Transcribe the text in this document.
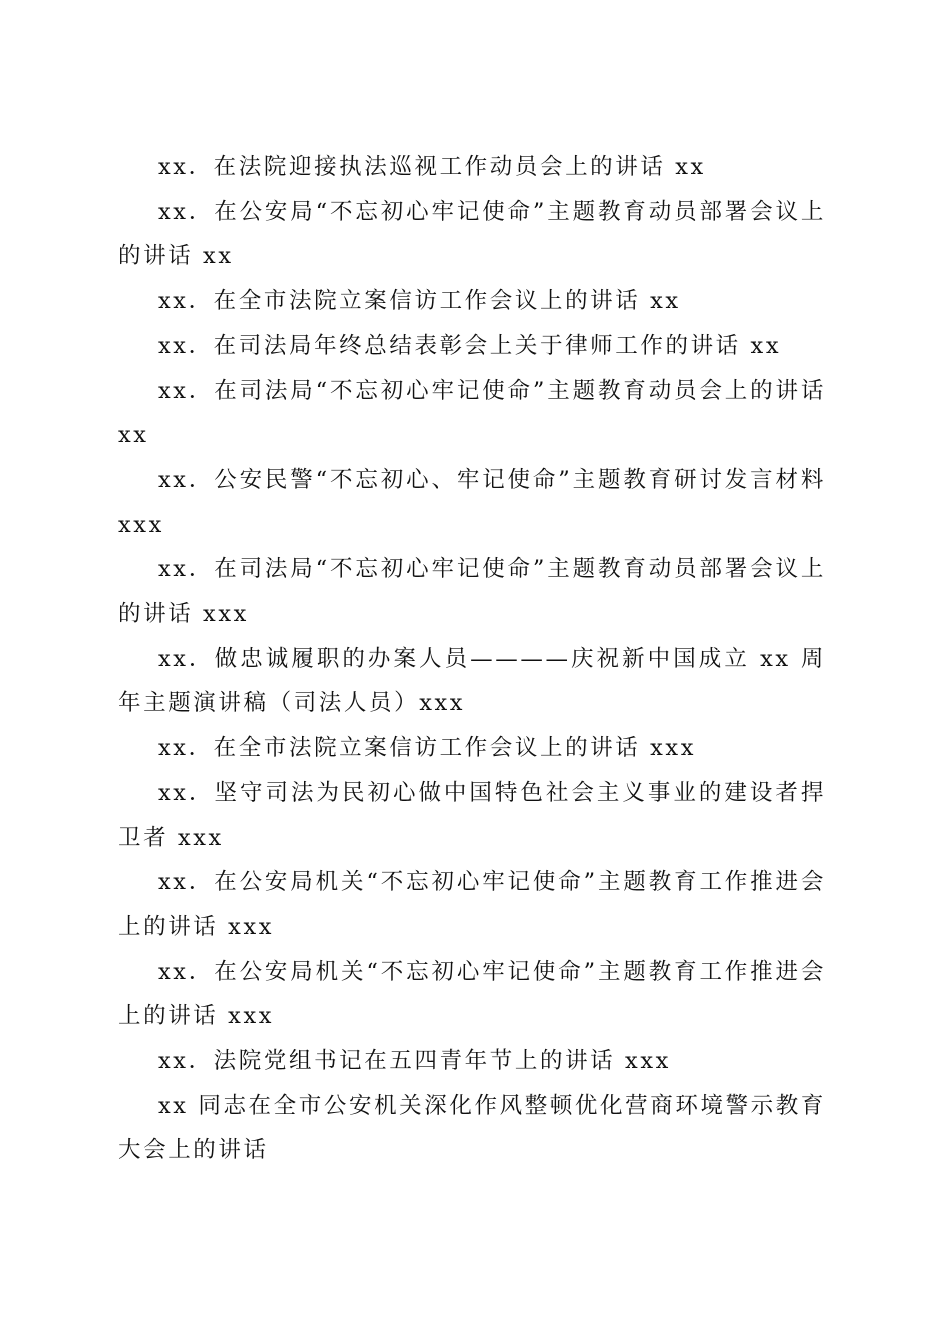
xx．在法院迎接执法巡视工作动员会上的讲话 xx

xx．在公安局“不忘初心牢记使命”主题教育动员部署会议上的讲话 xx

xx．在全市法院立案信访工作会议上的讲话 xx

xx．在司法局年终总结表彰会上关于律师工作的讲话 xx

xx．在司法局“不忘初心牢记使命”主题教育动员会上的讲话 xx

xx．公安民警“不忘初心、牢记使命”主题教育研讨发言材料 xxx

xx．在司法局“不忘初心牢记使命”主题教育动员部署会议上的讲话 xxx

xx．做忠诚履职的办案人员————庆祝新中国成立 xx 周年主题演讲稿（司法人员）xxx

xx．在全市法院立案信访工作会议上的讲话 xxx

xx．坚守司法为民初心做中国特色社会主义事业的建设者捍卫者 xxx

xx．在公安局机关“不忘初心牢记使命”主题教育工作推进会上的讲话 xxx

xx．在公安局机关“不忘初心牢记使命”主题教育工作推进会上的讲话 xxx

xx．法院党组书记在五四青年节上的讲话 xxx

xx 同志在全市公安机关深化作风整顿优化营商环境警示教育大会上的讲话
